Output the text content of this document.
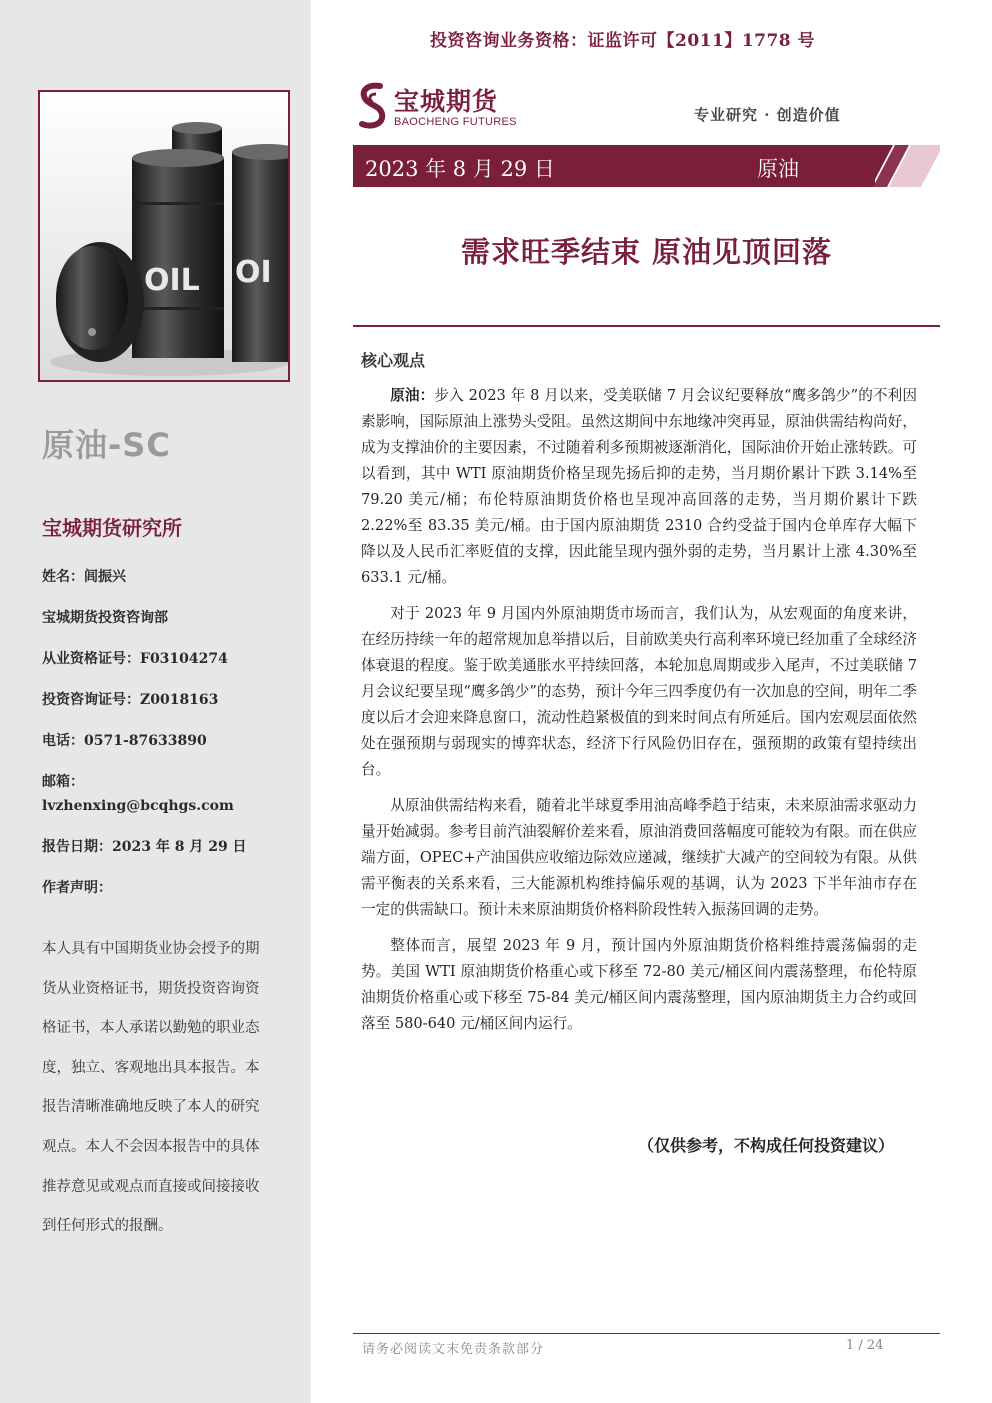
OIL OI
原油-SC
宝城期货研究所
姓名：闾振兴
宝城期货投资咨询部
从业资格证号：F03104274
投资咨询证号：Z0018163
电话：0571-87633890
邮箱：
lvzhenxing@bcqhgs.com
报告日期：2023 年 8 月 29 日
作者声明：
本人具有中国期货业协会授予的期货从业资格证书，期货投资咨询资格证书，本人承诺以勤勉的职业态度，独立、客观地出具本报告。本报告清晰准确地反映了本人的研究观点。本人不会因本报告中的具体推荐意见或观点而直接或间接接收到任何形式的报酬。
投资咨询业务资格：证监许可【2011】1778 号
宝城期货
BAOCHENG FUTURES	专业研究 · 创造价值
2023 年 8 月 29 日	原油
需求旺季结束 原油见顶回落
核心观点

原油：步入 2023 年 8 月以来，受美联储 7 月会议纪要释放“鹰多鸽少”的不利因素影响，国际原油上涨势头受阻。虽然这期间中东地缘冲突再显，原油供需结构尚好，成为支撑油价的主要因素，不过随着利多预期被逐渐消化，国际油价开始止涨转跌。可以看到，其中 WTI 原油期货价格呈现先扬后抑的走势，当月期价累计下跌 3.14%至 79.20 美元/桶；布伦特原油期货价格也呈现冲高回落的走势，当月期价累计下跌 2.22%至 83.35 美元/桶。由于国内原油期货 2310 合约受益于国内仓单库存大幅下降以及人民币汇率贬值的支撑，因此能呈现内强外弱的走势，当月累计上涨 4.30%至 633.1 元/桶。

对于 2023 年 9 月国内外原油期货市场而言，我们认为，从宏观面的角度来讲，在经历持续一年的超常规加息举措以后，目前欧美央行高利率环境已经加重了全球经济体衰退的程度。鉴于欧美通胀水平持续回落，本轮加息周期或步入尾声，不过美联储 7 月会议纪要呈现“鹰多鸽少”的态势，预计今年三四季度仍有一次加息的空间，明年二季度以后才会迎来降息窗口，流动性趋紧极值的到来时间点有所延后。国内宏观层面依然处在强预期与弱现实的博弈状态，经济下行风险仍旧存在，强预期的政策有望持续出台。

从原油供需结构来看，随着北半球夏季用油高峰季趋于结束，未来原油需求驱动力量开始减弱。参考目前汽油裂解价差来看，原油消费回落幅度可能较为有限。而在供应端方面，OPEC+产油国供应收缩边际效应递减，继续扩大减产的空间较为有限。从供需平衡表的关系来看，三大能源机构维持偏乐观的基调，认为 2023 下半年油市存在一定的供需缺口。预计未来原油期货价格料阶段性转入振荡回调的走势。

整体而言，展望 2023 年 9 月，预计国内外原油期货价格料维持震荡偏弱的走势。美国 WTI 原油期货价格重心或下移至 72-80 美元/桶区间内震荡整理，布伦特原油期货价格重心或下移至 75-84 美元/桶区间内震荡整理，国内原油期货主力合约或回落至 580-640 元/桶区间内运行。

（仅供参考，不构成任何投资建议）
请务必阅读文末免责条款部分	1 / 24
